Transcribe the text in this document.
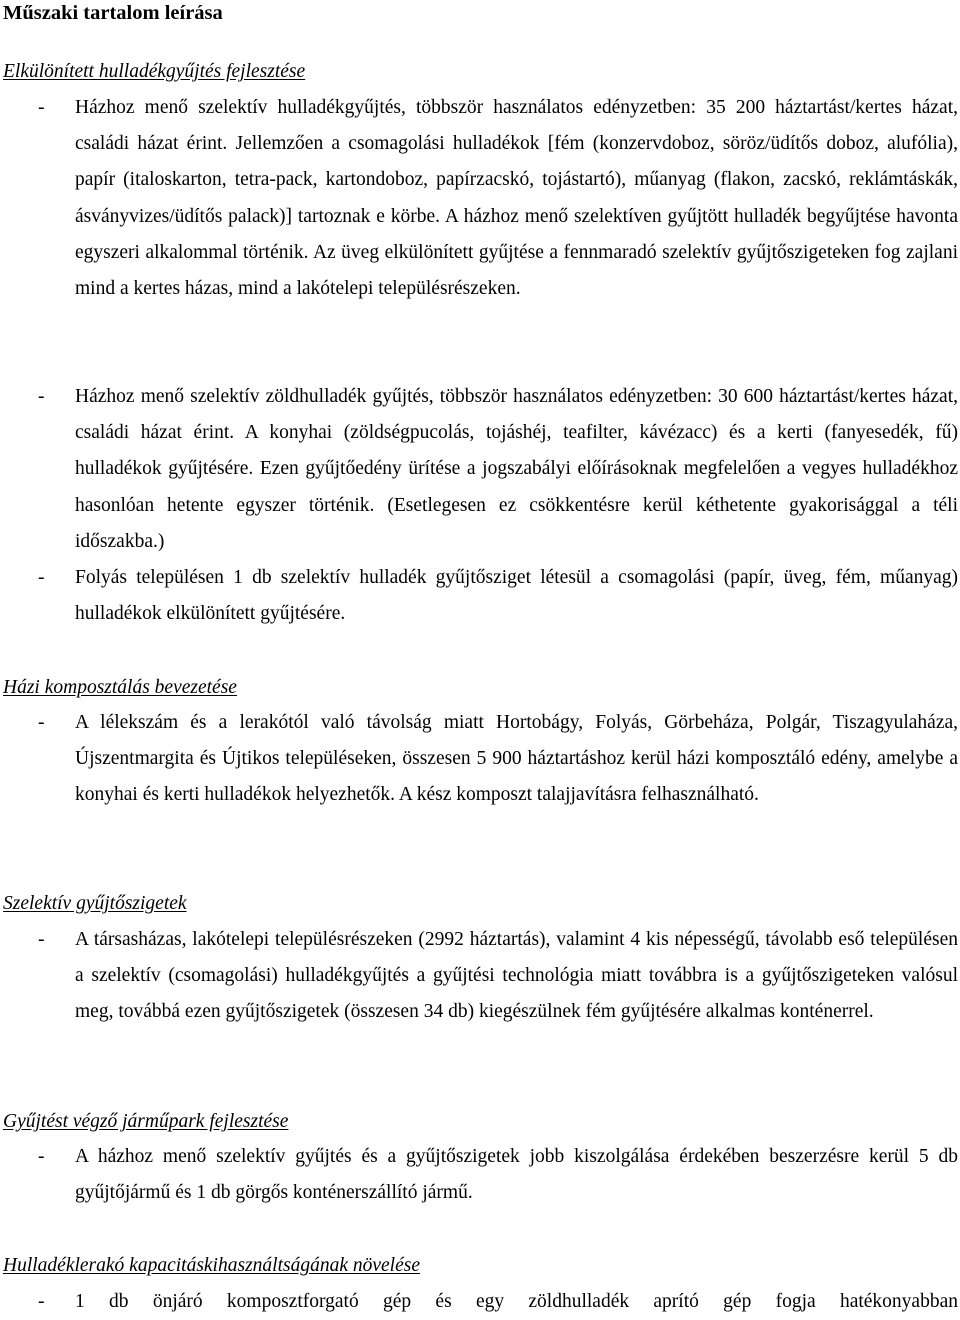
Műszaki tartalom leírása
Elkülönített hulladékgyűjtés fejlesztése
- Házhoz menő szelektív hulladékgyűjtés, többször használatos edényzetben: 35 200 háztartást/kertes házat, családi házat érint. Jellemzően a csomagolási hulladékok [fém (konzervdoboz, söröz/üdítős doboz, alufólia), papír (italoskarton, tetra-pack, kartondoboz, papírzacskó, tojástartó), műanyag (flakon, zacskó, reklámtáskák, ásványvizes/üdítős palack)] tartoznak e körbe. A házhoz menő szelektíven gyűjtött hulladék begyűjtése havonta egyszeri alkalommal történik. Az üveg elkülönített gyűjtése a fennmaradó szelektív gyűjtőszigeteken fog zajlani mind a kertes házas, mind a lakótelepi településrészeken.

- Házhoz menő szelektív zöldhulladék gyűjtés, többször használatos edényzetben: 30 600 háztartást/kertes házat, családi házat érint. A konyhai (zöldségpucolás, tojáshéj, teafilter, kávézacc) és a kerti (fanyesedék, fű) hulladékok gyűjtésére. Ezen gyűjtőedény ürítése a jogszabályi előírásoknak megfelelően a vegyes hulladékhoz hasonlóan hetente egyszer történik. (Esetlegesen ez csökkentésre kerül kéthetente gyakorisággal a téli időszakba.)

- Folyás településen 1 db szelektív hulladék gyűjtősziget létesül a csomagolási (papír, üveg, fém, műanyag) hulladékok elkülönített gyűjtésére.

Házi komposztálás bevezetése
- A lélekszám és a lerakótól való távolság miatt Hortobágy, Folyás, Görbeháza, Polgár, Tiszagyulaháza, Újszentmargita és Újtikos településeken, összesen 5 900 háztartáshoz kerül házi komposztáló edény, amelybe a konyhai és kerti hulladékok helyezhetők. A kész komposzt talajjavításra felhasználható.

Szelektív gyűjtőszigetek
- A társasházas, lakótelepi településrészeken (2992 háztartás), valamint 4 kis népességű, távolabb eső településen a szelektív (csomagolási) hulladékgyűjtés a gyűjtési technológia miatt továbbra is a gyűjtőszigeteken valósul meg, továbbá ezen gyűjtőszigetek (összesen 34 db) kiegészülnek fém gyűjtésére alkalmas konténerrel.

Gyűjtést végző járműpark fejlesztése
- A házhoz menő szelektív gyűjtés és a gyűjtőszigetek jobb kiszolgálása érdekében beszerzésre kerül 5 db gyűjtőjármű és 1 db görgős konténerszállító jármű.

Hulladéklerakó kapacitáskihasználtságának növelése
- 1 db önjáró komposztforgató gép és egy zöldhulladék aprító gép fogja hatékonyabban
